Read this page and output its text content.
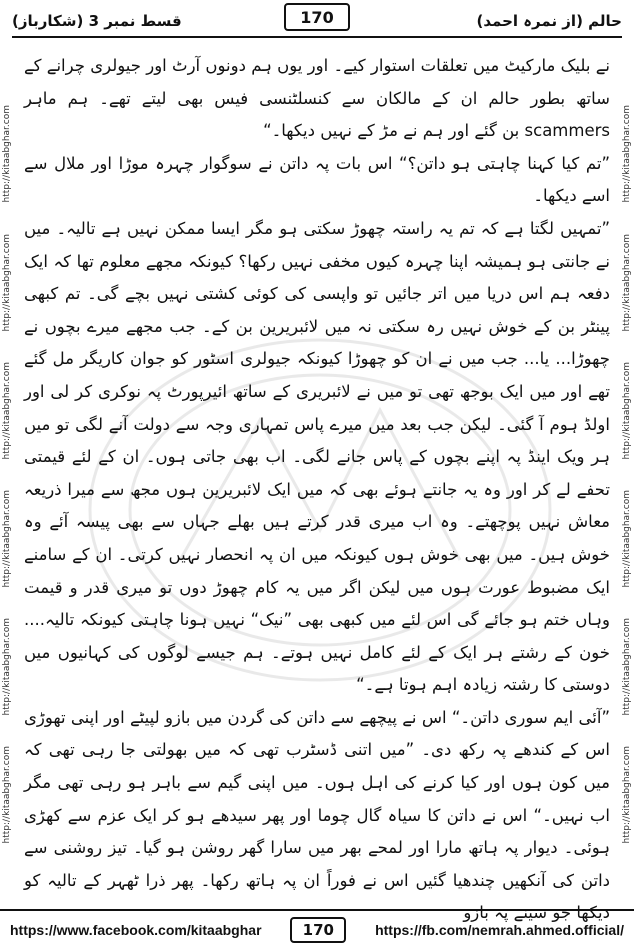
قسط نمبر 3 (شکارباز)	حالم (از نمرہ احمد)
170
http://kitaabghar.com
http://kitaabghar.com
http://kitaabghar.com
http://kitaabghar.com
http://kitaabghar.com
http://kitaabghar.com
http://kitaabghar.com
http://kitaabghar.com
http://kitaabghar.com
http://kitaabghar.com
http://kitaabghar.com
http://kitaabghar.com

نے بلیک مارکیٹ میں تعلقات استوار کیے۔ اور یوں ہم دونوں آرٹ اور جیولری چرانے کے ساتھ بطور حالم ان کے مالکان سے کنسلٹنسی فیس بھی لیتے تھے۔ ہم ماہر scammers بن گئے اور ہم نے مڑ کے نہیں دیکھا۔“

”تم کیا کہنا چاہتی ہو داتن؟“ اس بات پہ داتن نے سوگوار چہرہ موڑا اور ملال سے اسے دیکھا۔

”تمہیں لگتا ہے کہ تم یہ راستہ چھوڑ سکتی ہو مگر ایسا ممکن نہیں ہے تالیہ۔ میں نے جانتی ہو ہمیشہ اپنا چہرہ کیوں مخفی نہیں رکھا؟ کیونکہ مجھے معلوم تھا کہ ایک دفعہ ہم اس دریا میں اتر جائیں تو واپسی کی کوئی کشتی نہیں بچے گی۔ تم کبھی پینٹر بن کے خوش نہیں رہ سکتی نہ میں لائبریرین بن کے۔ جب مجھے میرے بچوں نے چھوڑا... یا... جب میں نے ان کو چھوڑا کیونکہ جیولری اسٹور کو جوان کاریگر مل گئے تھے اور میں ایک بوجھ تھی تو میں نے لائبریری کے ساتھ ائیرپورٹ پہ نوکری کر لی اور اولڈ ہوم آ گئی۔ لیکن جب بعد میں میرے پاس تمہاری وجہ سے دولت آنے لگی تو میں ہر ویک اینڈ پہ اپنے بچوں کے پاس جانے لگی۔ اب بھی جاتی ہوں۔ ان کے لئے قیمتی تحفے لے کر اور وہ یہ جانتے ہوئے بھی کہ میں ایک لائبریرین ہوں مجھ سے میرا ذریعہ معاش نہیں پوچھتے۔ وہ اب میری قدر کرتے ہیں بھلے جہاں سے بھی پیسہ آئے وہ خوش ہیں۔ میں بھی خوش ہوں کیونکہ میں ان پہ انحصار نہیں کرتی۔ ان کے سامنے ایک مضبوط عورت ہوں میں لیکن اگر میں یہ کام چھوڑ دوں تو میری قدر و قیمت وہاں ختم ہو جائے گی اس لئے میں کبھی بھی ”نیک“ نہیں ہونا چاہتی کیونکہ تالیہ.... خون کے رشتے ہر ایک کے لئے کامل نہیں ہوتے۔ ہم جیسے لوگوں کی کہانیوں میں دوستی کا رشتہ زیادہ اہم ہوتا ہے۔“

”آئی ایم سوری داتن۔“ اس نے پیچھے سے داتن کی گردن میں بازو لپیٹے اور اپنی تھوڑی اس کے کندھے پہ رکھ دی۔ ”میں اتنی ڈسٹرب تھی کہ میں بھولتی جا رہی تھی کہ میں کون ہوں اور کیا کرنے کی اہل ہوں۔ میں اپنی گیم سے باہر ہو رہی تھی مگر اب نہیں۔“ اس نے داتن کا سیاہ گال چوما اور پھر سیدھے ہو کر ایک عزم سے کھڑی ہوئی۔ دیوار پہ ہاتھ مارا اور لمحے بھر میں سارا گھر روشن ہو گیا۔ تیز روشنی سے داتن کی آنکھیں چندھیا گئیں اس نے فوراً ان پہ ہاتھ رکھا۔ پھر ذرا ٹھہر کے تالیہ کو دیکھا جو سینے پہ بازو

https://www.facebook.com/kitaabghar	170	https://fb.com/nemrah.ahmed.official/
